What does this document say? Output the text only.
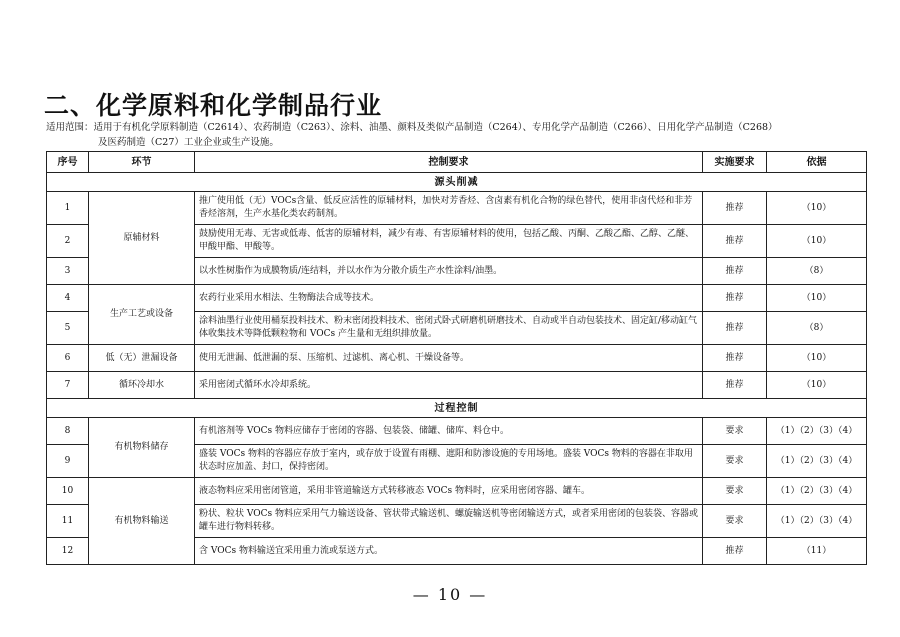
二、化学原料和化学制品行业
适用范围：适用于有机化学原料制造（C2614）、农药制造（C263）、涂料、油墨、颜料及类似产品制造（C264）、专用化学产品制造（C266）、日用化学产品制造（C268）
及医药制造（C27）工业企业或生产设施。
序号	环节	控制要求	实施要求	依据
源头削减				
1	原辅材料	推广使用低（无）VOCs含量、低反应活性的原辅材料，加快对芳香烃、含卤素有机化合物的绿色替代，使用非卤代烃和非芳香烃溶剂，生产水基化类农药制剂。	推荐	（10）
2		鼓励使用无毒、无害或低毒、低害的原辅材料，减少有毒、有害原辅材料的使用，包括乙酸、丙酮、乙酸乙酯、乙醇、乙醚、甲酸甲酯、甲酸等。	推荐	（10）
3		以水性树脂作为成膜物质/连结料，并以水作为分散介质生产水性涂料/油墨。	推荐	（8）
4	生产工艺或设备	农药行业采用水相法、生物酶法合成等技术。	推荐	（10）
5		涂料油墨行业使用桶泵投料技术、粉末密闭投料技术、密闭式卧式研磨机研磨技术、自动或半自动包装技术、固定缸/移动缸气体收集技术等降低颗粒物和 VOCs 产生量和无组织排放量。	推荐	（8）
6	低（无）泄漏设备	使用无泄漏、低泄漏的泵、压缩机、过滤机、离心机、干燥设备等。	推荐	（10）
7	循环冷却水	采用密闭式循环水冷却系统。	推荐	（10）
过程控制				
8	有机物料储存	有机溶剂等 VOCs 物料应储存于密闭的容器、包装袋、储罐、储库、料仓中。	要求	（1）（2）（3）（4）
9		盛装 VOCs 物料的容器应存放于室内，或存放于设置有雨棚、遮阳和防渗设施的专用场地。盛装 VOCs 物料的容器在非取用状态时应加盖、封口，保持密闭。	要求	（1）（2）（3）（4）
10	有机物料输送	液态物料应采用密闭管道，采用非管道输送方式转移液态 VOCs 物料时，应采用密闭容器、罐车。	要求	（1）（2）（3）（4）
11		粉状、粒状 VOCs 物料应采用气力输送设备、管状带式输送机、螺旋输送机等密闭输送方式，或者采用密闭的包装袋、容器或罐车进行物料转移。	要求	（1）（2）（3）（4）
12		含 VOCs 物料输送宜采用重力流或泵送方式。	推荐	（11）
— 10 —
